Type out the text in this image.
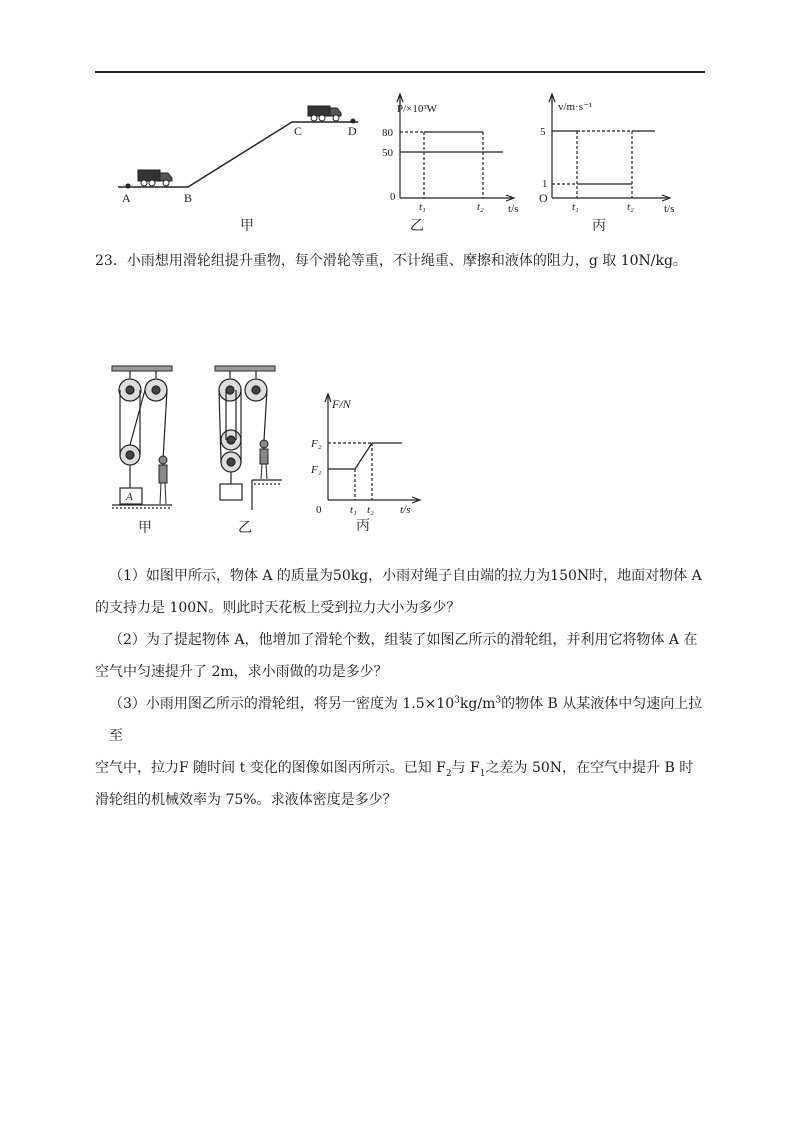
A	B
C	D
甲
P/×10³W
80
50
0
t₁	t₂ t/s
乙
v/m·s⁻¹
5
1
O
t₁	t₂	t/s
丙
23．小雨想用滑轮组提升重物，每个滑轮等重，不计绳重、摩擦和液体的阻力，g 取 10N/kg。
A
甲	乙
F/N
F₂
F₁
0	t₁ t₂ t/s
丙
（1）如图甲所示，物体 A 的质量为50kg，小雨对绳子自由端的拉力为150N时，地面对物体 A
的支持力是 100N。则此时天花板上受到拉力大小为多少？
（2）为了提起物体 A，他增加了滑轮个数，组装了如图乙所示的滑轮组，并利用它将物体 A 在
空气中匀速提升了 2m，求小雨做的功是多少？
（3）小雨用图乙所示的滑轮组，将另一密度为 $1.5\times 10^3kg/m^3$的物体 B 从某液体中匀速向上拉至
空气中，拉力F 随时间 t 变化的图像如图丙所示。已知 $F_2$与 $F_1$之差为 50N，在空气中提升 B 时
滑轮组的机械效率为 75%。求液体密度是多少？
